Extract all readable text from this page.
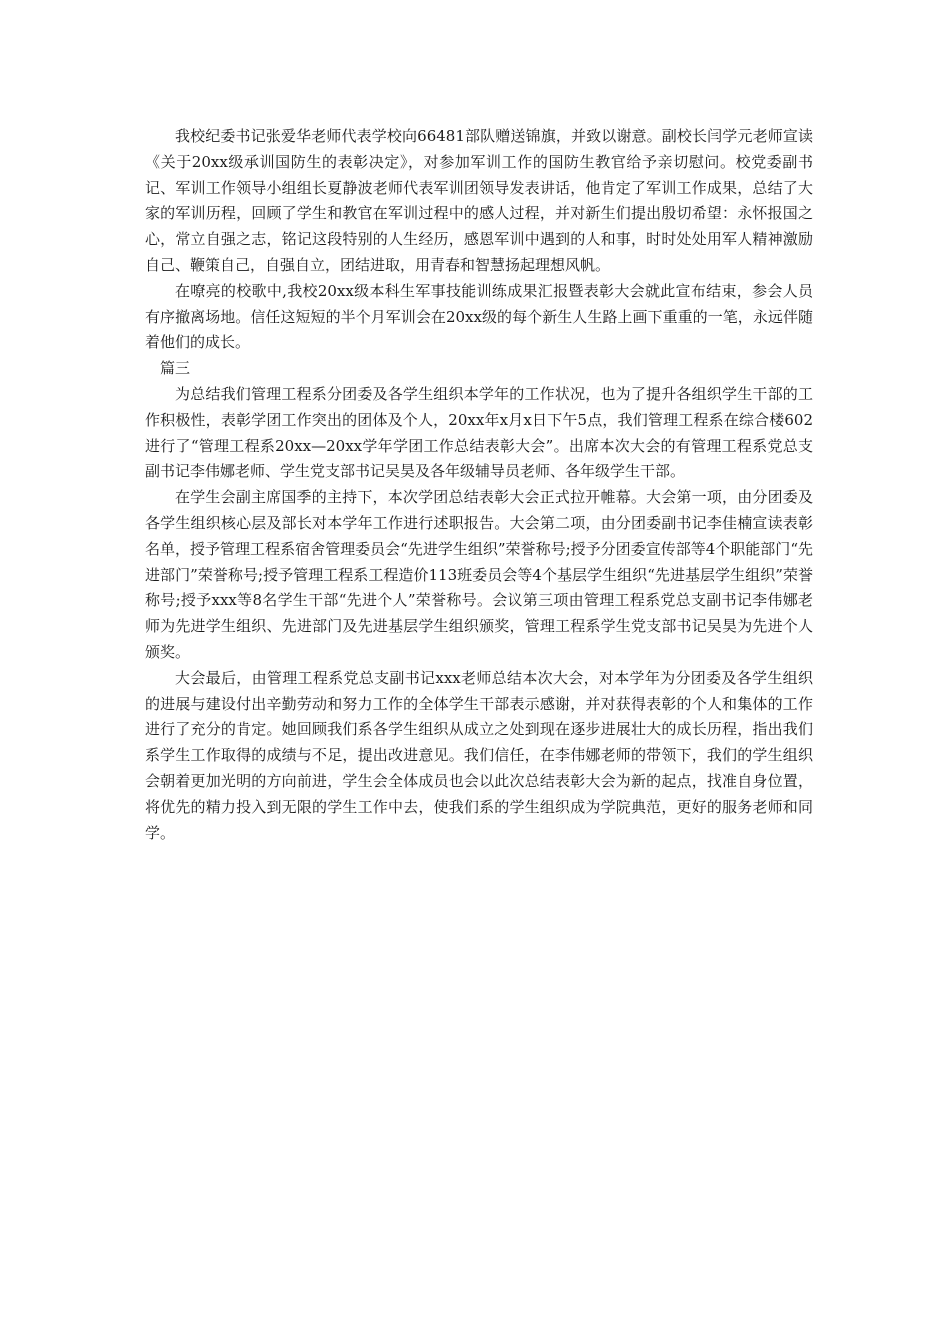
我校纪委书记张爱华老师代表学校向66481部队赠送锦旗，并致以谢意。副校长闫学元老师宣读《关于20xx级承训国防生的表彰决定》，对参加军训工作的国防生教官给予亲切慰问。校党委副书记、军训工作领导小组组长夏静波老师代表军训团领导发表讲话，他肯定了军训工作成果，总结了大家的军训历程，回顾了学生和教官在军训过程中的感人过程，并对新生们提出殷切希望：永怀报国之心，常立自强之志，铭记这段特别的人生经历，感恩军训中遇到的人和事，时时处处用军人精神激励自己、鞭策自己，自强自立，团结进取，用青春和智慧扬起理想风帆。

在嘹亮的校歌中,我校20xx级本科生军事技能训练成果汇报暨表彰大会就此宣布结束，参会人员有序撤离场地。信任这短短的半个月军训会在20xx级的每个新生人生路上画下重重的一笔，永远伴随着他们的成长。

篇三

为总结我们管理工程系分团委及各学生组织本学年的工作状况，也为了提升各组织学生干部的工作积极性，表彰学团工作突出的团体及个人，20xx年x月x日下午5点，我们管理工程系在综合楼602进行了“管理工程系20xx—20xx学年学团工作总结表彰大会”。出席本次大会的有管理工程系党总支副书记李伟娜老师、学生党支部书记吴昊及各年级辅导员老师、各年级学生干部。

在学生会副主席国季的主持下，本次学团总结表彰大会正式拉开帷幕。大会第一项，由分团委及各学生组织核心层及部长对本学年工作进行述职报告。大会第二项，由分团委副书记李佳楠宣读表彰名单，授予管理工程系宿舍管理委员会“先进学生组织”荣誉称号;授予分团委宣传部等4个职能部门“先进部门”荣誉称号;授予管理工程系工程造价113班委员会等4个基层学生组织“先进基层学生组织”荣誉称号;授予xxx等8名学生干部“先进个人”荣誉称号。会议第三项由管理工程系党总支副书记李伟娜老师为先进学生组织、先进部门及先进基层学生组织颁奖，管理工程系学生党支部书记吴昊为先进个人颁奖。

大会最后，由管理工程系党总支副书记xxx老师总结本次大会，对本学年为分团委及各学生组织的进展与建设付出辛勤劳动和努力工作的全体学生干部表示感谢，并对获得表彰的个人和集体的工作进行了充分的肯定。她回顾我们系各学生组织从成立之处到现在逐步进展壮大的成长历程，指出我们系学生工作取得的成绩与不足，提出改进意见。我们信任，在李伟娜老师的带领下，我们的学生组织会朝着更加光明的方向前进，学生会全体成员也会以此次总结表彰大会为新的起点，找准自身位置，将优先的精力投入到无限的学生工作中去，使我们系的学生组织成为学院典范，更好的服务老师和同学。
